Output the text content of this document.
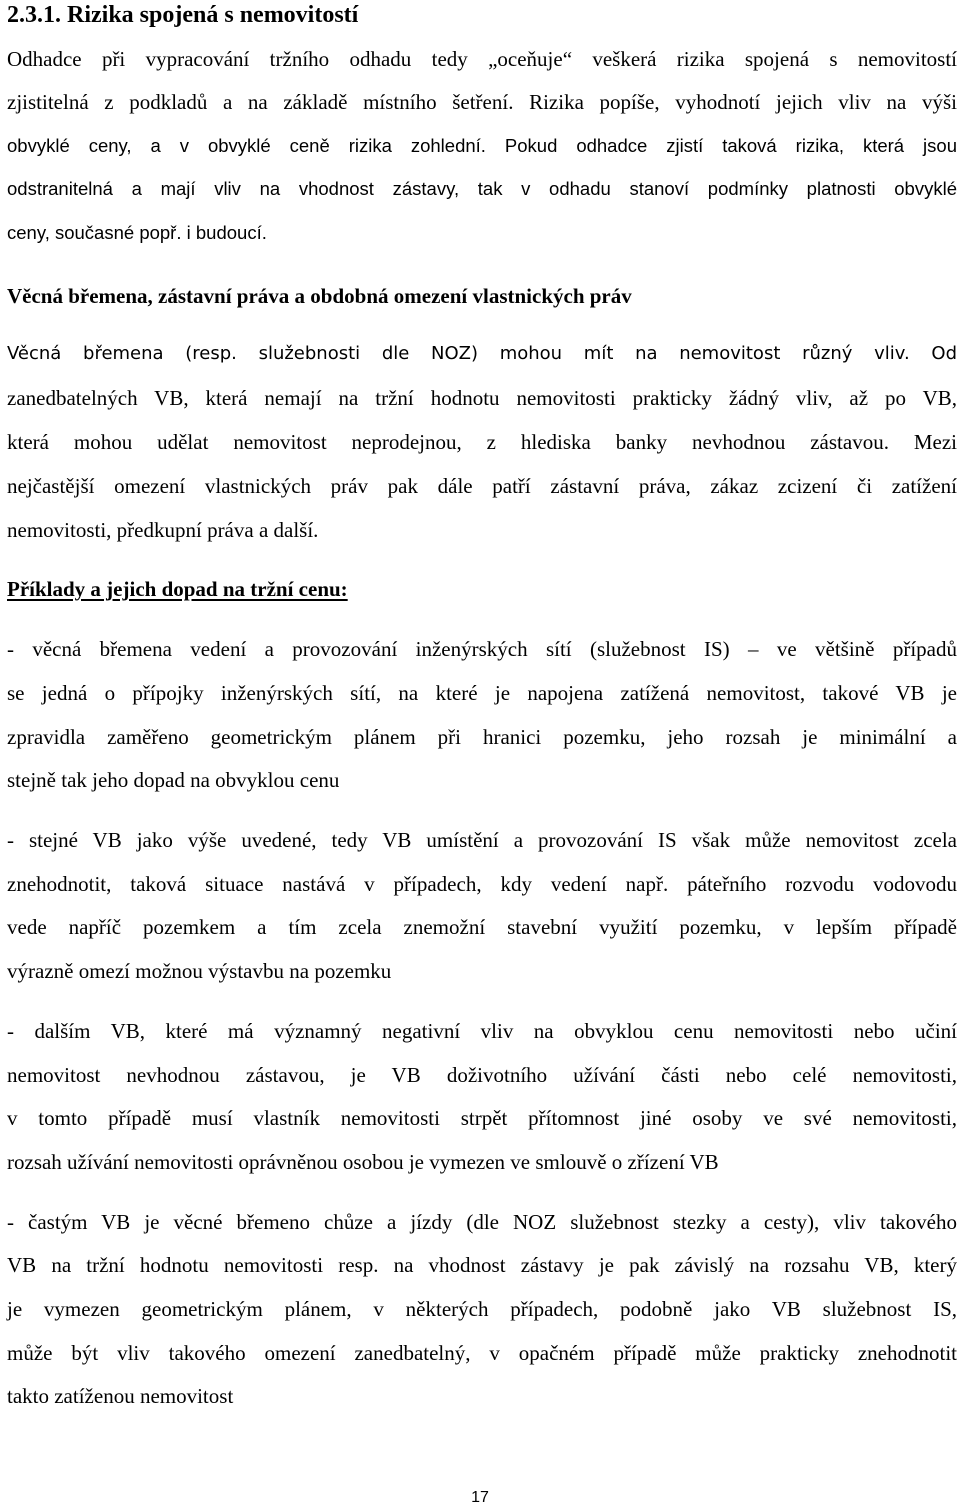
2.3.1. Rizika spojená s nemovitostí
Odhadce při vypracování tržního odhadu tedy „oceňuje“ veškerá rizika spojená s nemovitostí
zjistitelná z podkladů a na základě místního šetření. Rizika popíše, vyhodnotí jejich vliv na výši
obvyklé ceny, a v obvyklé ceně rizika zohlední. Pokud odhadce zjistí taková rizika, která jsou
odstranitelná a mají vliv na vhodnost zástavy, tak v odhadu stanoví podmínky platnosti obvyklé
ceny, současné popř. i budoucí.
Věcná břemena, zástavní práva a obdobná omezení vlastnických práv
Věcná břemena (resp. služebnosti dle NOZ) mohou mít na nemovitost různý vliv. Od
zanedbatelných VB, která nemají na tržní hodnotu nemovitosti prakticky žádný vliv, až po VB,
která mohou udělat nemovitost neprodejnou, z hlediska banky nevhodnou zástavou. Mezi
nejčastější omezení vlastnických práv pak dále patří zástavní práva, zákaz zcizení či zatížení
nemovitosti, předkupní práva a další.
Příklady a jejich dopad na tržní cenu:
- věcná břemena vedení a provozování inženýrských sítí (služebnost IS) – ve většině případů
se jedná o přípojky inženýrských sítí, na které je napojena zatížená nemovitost, takové VB je
zpravidla zaměřeno geometrickým plánem při hranici pozemku, jeho rozsah je minimální a
stejně tak jeho dopad na obvyklou cenu
- stejné VB jako výše uvedené, tedy VB umístění a provozování IS však může nemovitost zcela
znehodnotit, taková situace nastává v případech, kdy vedení např. páteřního rozvodu vodovodu
vede napříč pozemkem a tím zcela znemožní stavební využití pozemku, v lepším případě
výrazně omezí možnou výstavbu na pozemku
- dalším VB, které má významný negativní vliv na obvyklou cenu nemovitosti nebo učiní
nemovitost nevhodnou zástavou, je VB doživotního užívání části nebo celé nemovitosti,
v tomto případě musí vlastník nemovitosti strpět přítomnost jiné osoby ve své nemovitosti,
rozsah užívání nemovitosti oprávněnou osobou je vymezen ve smlouvě o zřízení VB
- častým VB je věcné břemeno chůze a jízdy (dle NOZ služebnost stezky a cesty), vliv takového
VB na tržní hodnotu nemovitosti resp. na vhodnost zástavy je pak závislý na rozsahu VB, který
je vymezen geometrickým plánem, v některých případech, podobně jako VB služebnost IS,
může být vliv takového omezení zanedbatelný, v opačném případě může prakticky znehodnotit
takto zatíženou nemovitost
17
